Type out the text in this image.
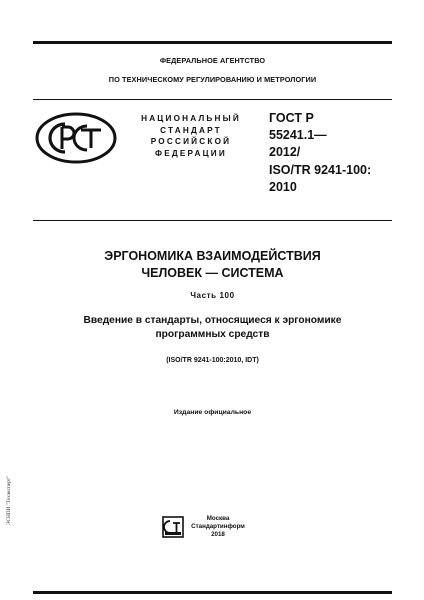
ФЕДЕРАЛЬНОЕ АГЕНТСТВО
ПО ТЕХНИЧЕСКОМУ РЕГУЛИРОВАНИЮ И МЕТРОЛОГИИ
НАЦИОНАЛЬНЫЙ
СТАНДАРТ
РОССИЙСКОЙ
ФЕДЕРАЦИИ
ГОСТ Р
55241.1—
2012/
ISO/TR 9241-100:
2010
ЭРГОНОМИКА ВЗАИМОДЕЙСТВИЯ
ЧЕЛОВЕК — СИСТЕМА
Часть 100
Введение в стандарты, относящиеся к эргономике
программных средств
(ISO/TR 9241-100:2010, IDT)
Издание официальное
Москва
Стандартинформ
2018
ЭСНПИ "Техэксперт"
